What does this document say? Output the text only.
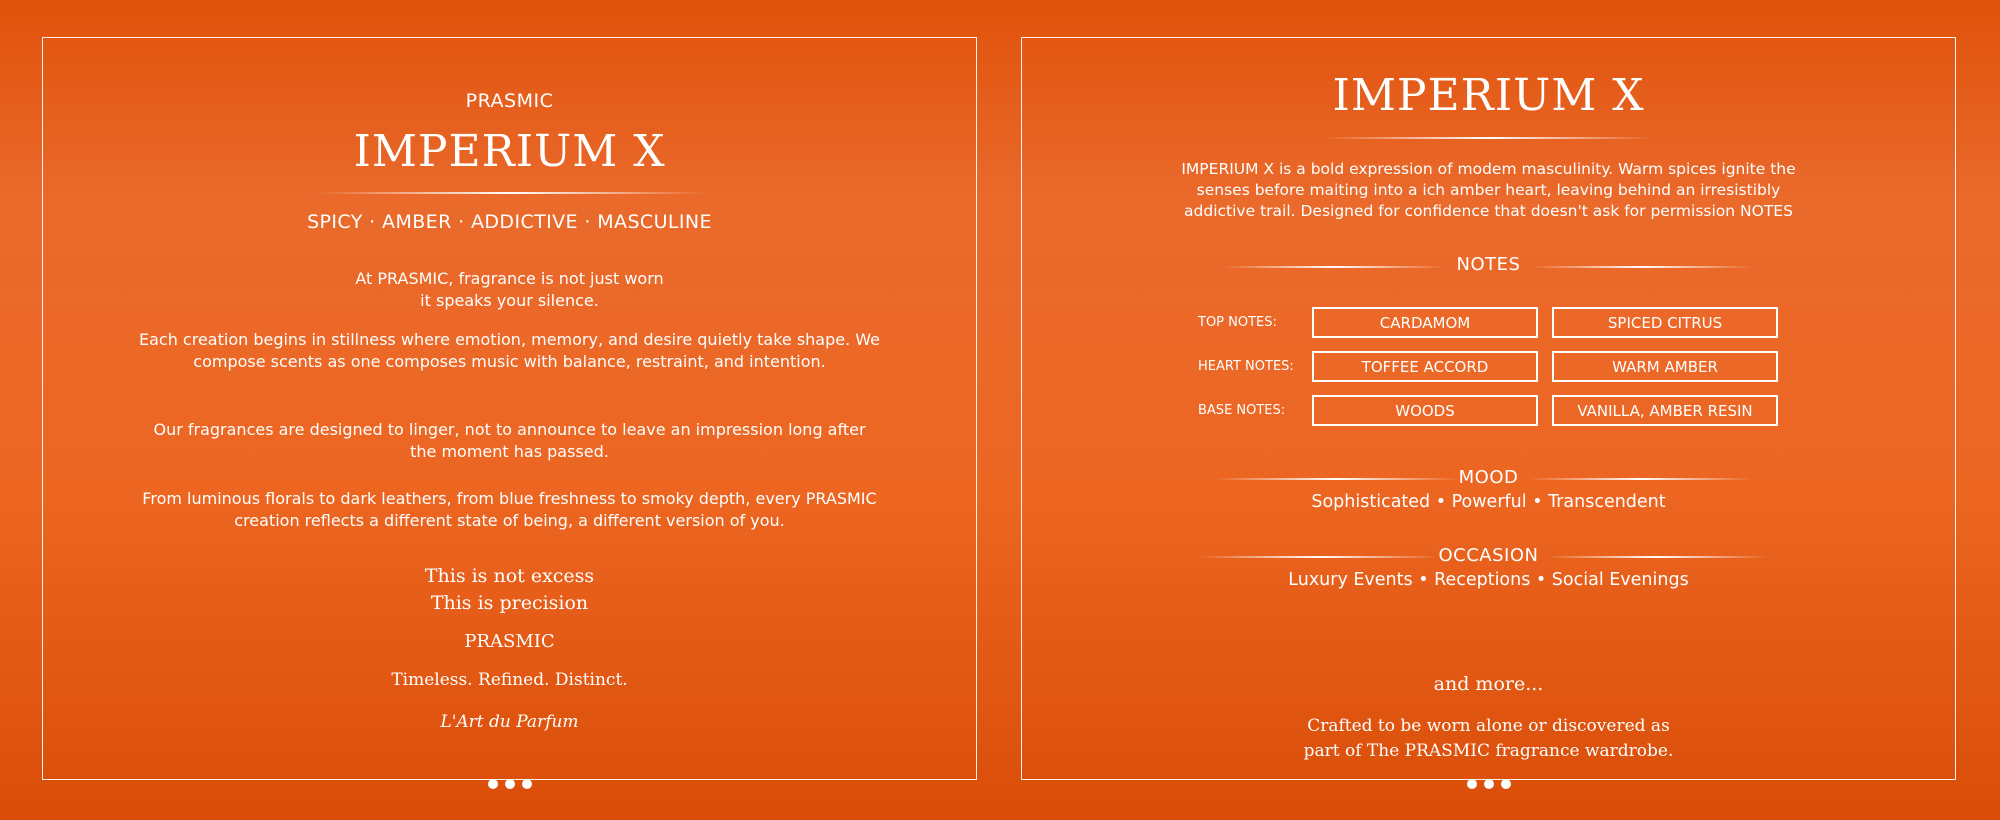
PRASMIC
IMPERIUM X
SPICY · AMBER · ADDICTIVE · MASCULINE
At PRASMIC, fragrance is not just worn
it speaks your silence.
Each creation begins in stillness where emotion, memory, and desire quietly take shape. We compose scents as one composes music with balance, restraint, and intention.
Our fragrances are designed to linger, not to announce to leave an impression long after the moment has passed.
From luminous florals to dark leathers, from blue freshness to smoky depth, every PRASMIC creation reflects a different state of being, a different version of you.
This is not excess
This is precision
PRASMIC
Timeless. Refined. Distinct.
L'Art du Parfum
IMPERIUM X
IMPERIUM X is a bold expression of modem masculinity. Warm spices ignite the senses before maiting into a ich amber heart, leaving behind an irresistibly addictive trail. Designed for confidence that doesn't ask for permission NOTES
NOTES
TOP NOTES:	CARDAMOM	SPICED CITRUS
HEART NOTES:	TOFFEE ACCORD	WARM AMBER
BASE NOTES:	WOODS	VANILLA, AMBER RESIN
MOOD
Sophisticated • Powerful • Transcendent
OCCASION
Luxury Events • Receptions • Social Evenings
and more...
Crafted to be worn alone or discovered as
part of The PRASMIC fragrance wardrobe.
